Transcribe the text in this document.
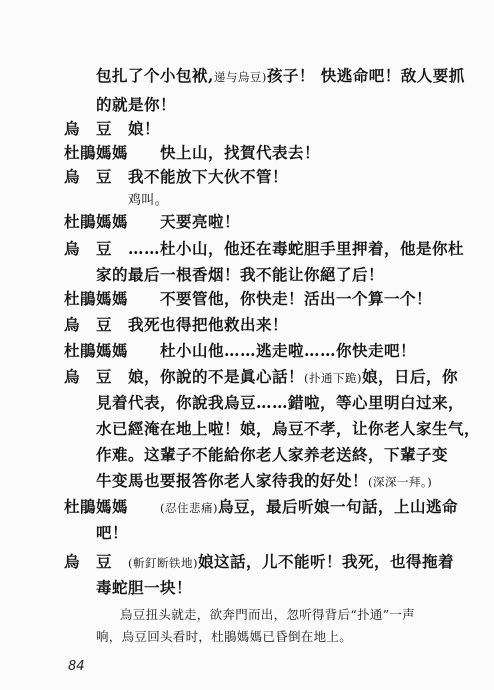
包扎了个小包袱,递与烏豆)孩子！ 快逃命吧！敌人要抓
的就是你！
烏　豆 娘！
杜鵑媽媽 快上山，找賀代表去！
烏　豆 我不能放下大伙不管！
鸡叫。
杜鵑媽媽 天要亮啦！
烏　豆 ……杜小山，他还在毒蛇胆手里押着，他是你杜
家的最后一根香烟！我不能让你絕了后！
杜鵑媽媽 不要管他，你快走！活出一个算一个！
烏　豆 我死也得把他救出来！
杜鵑媽媽 杜小山他……逃走啦……你快走吧！
烏　豆 娘，你說的不是眞心話！(扑通下跪)娘，日后，你
見着代表，你說我烏豆……錯啦，等心里明白过来，
水已經淹在地上啦！娘，烏豆不孝，让你老人家生气，
作难。这輩子不能給你老人家养老送終，下輩子变
牛变馬也要报答你老人家待我的好处！(深深一拜。)
杜鵑媽媽	(忍住悲痛)烏豆，最后听娘一句話，上山逃命
吧！
烏　豆 (斬釘断铁地)娘这話，儿不能听！我死，也得拖着
毒蛇胆一块！
烏豆扭头就走，欲奔門而出，忽听得背后“扑通”一声
响，烏豆回头看时，杜鵑媽媽已昏倒在地上。
84
